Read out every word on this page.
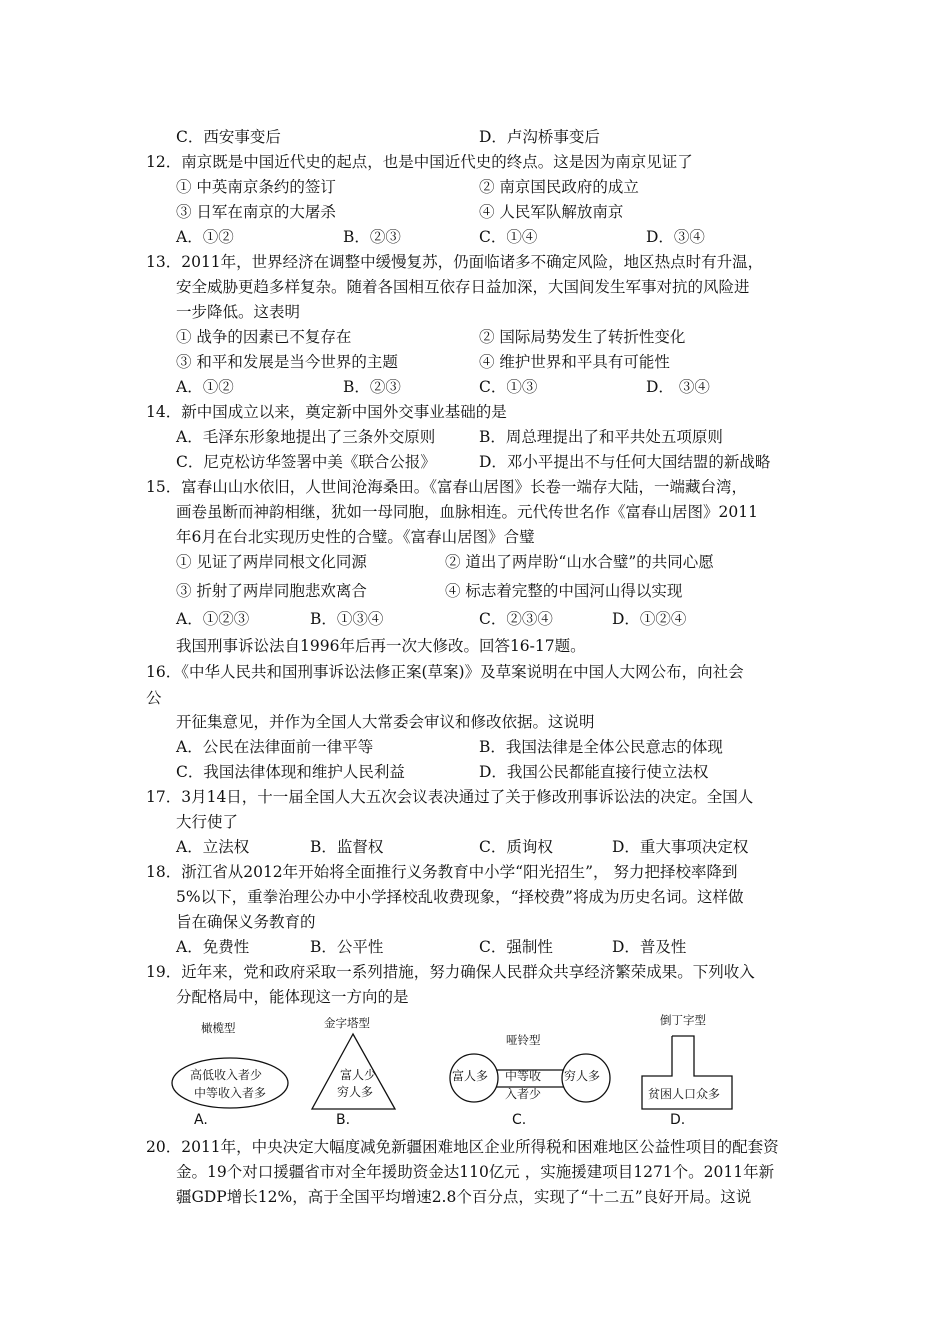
C．西安事变后	D．卢沟桥事变后
12．南京既是中国近代史的起点，也是中国近代史的终点。这是因为南京见证了
① 中英南京条约的签订	② 南京国民政府的成立
③ 日军在南京的大屠杀	④ 人民军队解放南京
A．①②	B．②③	C．①④	D．③④
13．2011年，世界经济在调整中缓慢复苏，仍面临诸多不确定风险，地区热点时有升温，
安全威胁更趋多样复杂。随着各国相互依存日益加深，大国间发生军事对抗的风险进
一步降低。这表明
① 战争的因素已不复存在	② 国际局势发生了转折性变化
③ 和平和发展是当今世界的主题	④ 维护世界和平具有可能性
A．①②	B．②③	C．①③	D． ③④
14．新中国成立以来，奠定新中国外交事业基础的是
A．毛泽东形象地提出了三条外交原则	B．周总理提出了和平共处五项原则
C．尼克松访华签署中美《联合公报》	D．邓小平提出不与任何大国结盟的新战略
15．富春山山水依旧，人世间沧海桑田。《富春山居图》长卷一端存大陆，一端藏台湾，
画卷虽断而神韵相继，犹如一母同胞，血脉相连。元代传世名作《富春山居图》2011
年6月在台北实现历史性的合璧。《富春山居图》合璧
① 见证了两岸同根文化同源	② 道出了两岸盼“山水合璧”的共同心愿
③ 折射了两岸同胞悲欢离合	④ 标志着完整的中国河山得以实现
A．①②③	B．①③④	C．②③④	D．①②④
我国刑事诉讼法自1996年后再一次大修改。回答16-17题。
16．《中华人民共和国刑事诉讼法修正案(草案)》及草案说明在中国人大网公布，向社会
公
开征集意见，并作为全国人大常委会审议和修改依据。这说明
A．公民在法律面前一律平等	B．我国法律是全体公民意志的体现
C．我国法律体现和维护人民利益	D．我国公民都能直接行使立法权
17．3月14日，十一届全国人大五次会议表决通过了关于修改刑事诉讼法的决定。全国人
大行使了
A．立法权	B．监督权	C．质询权	D．重大事项决定权
18．浙江省从2012年开始将全面推行义务教育中小学“阳光招生”， 努力把择校率降到
5%以下，重拳治理公办中小学择校乱收费现象，“择校费”将成为历史名词。这样做
旨在确保义务教育的
A．免费性	B．公平性	C．强制性	D．普及性
19．近年来，党和政府采取一系列措施，努力确保人民群众共享经济繁荣成果。下列收入
分配格局中，能体现这一方向的是
橄榄型
高低收入者少
中等收入者多
A.
金字塔型
富人少
穷人多
B.
哑铃型
富人多 中等收
入者少
穷人多
C.
倒丁字型
贫困人口众多
D.
20．2011年，中央决定大幅度减免新疆困难地区企业所得税和困难地区公益性项目的配套资
金。19个对口援疆省市对全年援助资金达110亿元 ，实施援建项目1271个。2011年新
疆GDP增长12%，高于全国平均增速2.8个百分点，实现了“十二五”良好开局。这说
